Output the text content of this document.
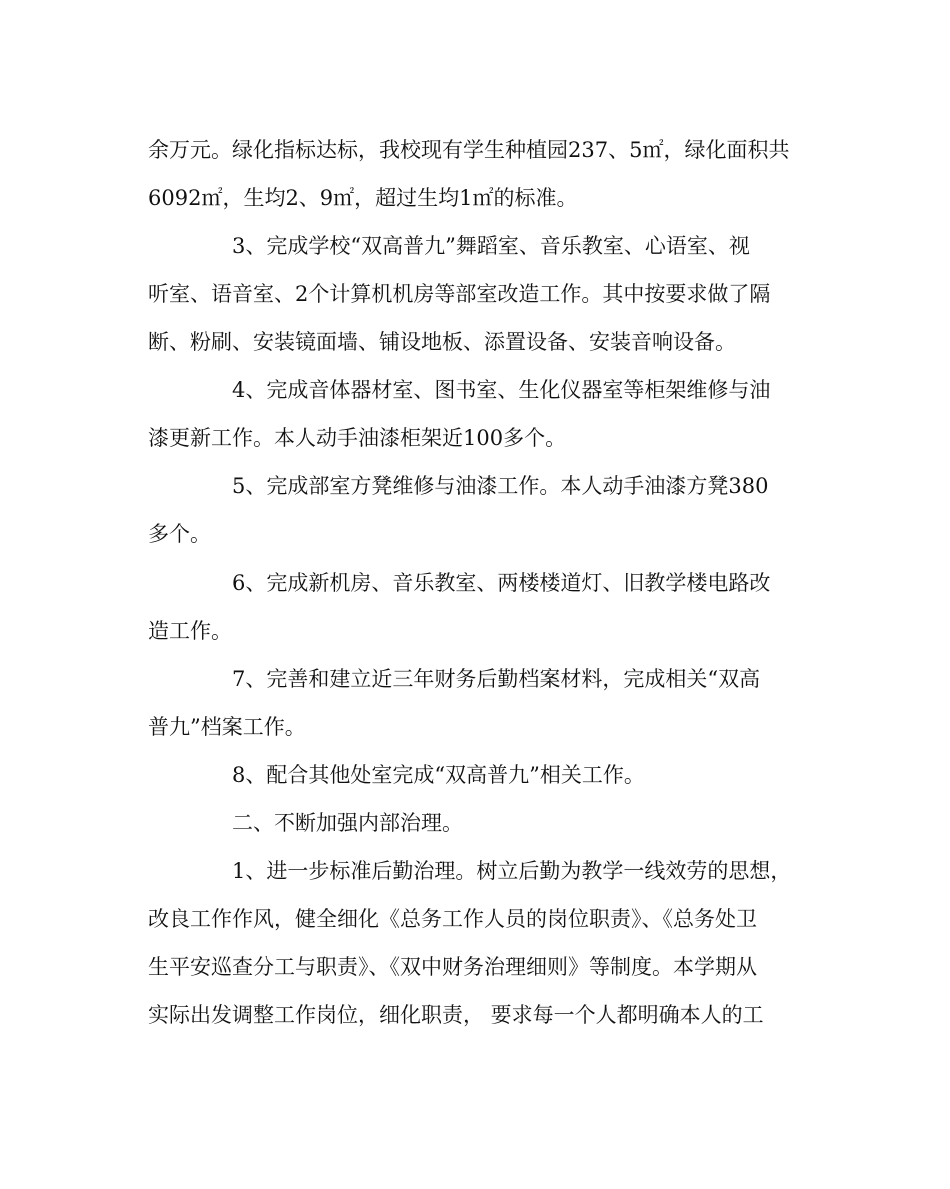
余万元。绿化指标达标，我校现有学生种植园237、5㎡，绿化面积共
6092㎡，生均2、9㎡，超过生均1㎡的标准。
3、完成学校“双高普九”舞蹈室、音乐教室、心语室、视
听室、语音室、2个计算机机房等部室改造工作。其中按要求做了隔
断、粉刷、安装镜面墙、铺设地板、添置设备、安装音响设备。
4、完成音体器材室、图书室、生化仪器室等柜架维修与油
漆更新工作。本人动手油漆柜架近100多个。
5、完成部室方凳维修与油漆工作。本人动手油漆方凳380
多个。
6、完成新机房、音乐教室、两楼楼道灯、旧教学楼电路改
造工作。
7、完善和建立近三年财务后勤档案材料，完成相关“双高
普九”档案工作。
8、配合其他处室完成“双高普九”相关工作。
二、不断加强内部治理。
1、进一步标准后勤治理。树立后勤为教学一线效劳的思想，
改良工作作风，健全细化《总务工作人员的岗位职责》、《总务处卫
生平安巡查分工与职责》、《双中财务治理细则》等制度。本学期从
实际出发调整工作岗位，细化职责， 要求每一个人都明确本人的工
